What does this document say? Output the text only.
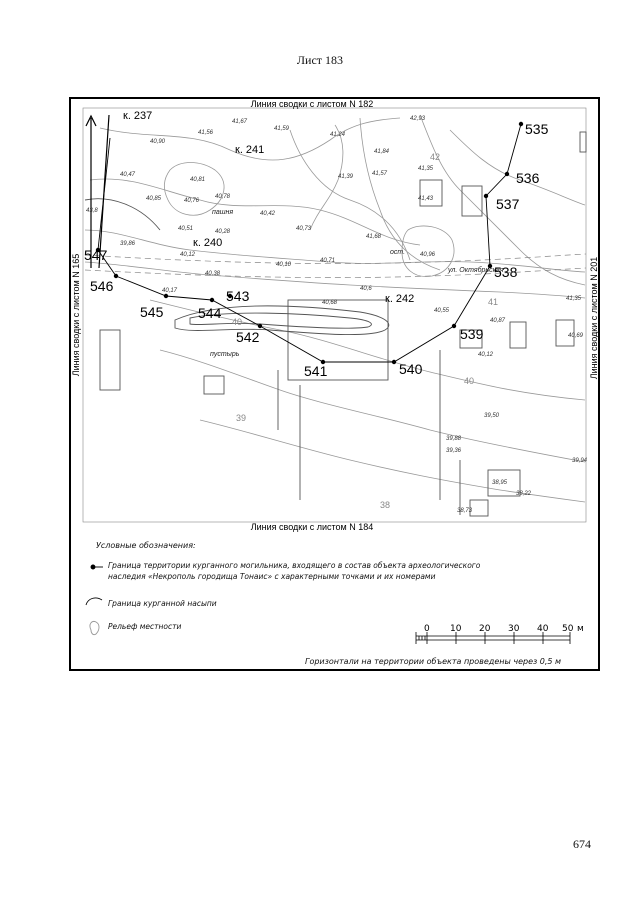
Лист 183
Линия сводки с листом N 182
Линия сводки с листом N 184
Линия сводки с листом N 165	Линия сводки с листом N 201
к. 237
к. 241
к. 240
к. 242
535
536
537
538
539
540
541
542
543
544
545
546
547
пашня
пустырь
ост.
ул. Октябрьская
41,67
41,56
41,59
41,24
40,90
40,47
40,85
40,81
40,76
40,78
40,51
40,42
40,28	40,73
40,12
40,38
40,17
40,10
40,71
40,68
40,6
41,84
41,39	41,57
41,35
41,43
41,68
42,93
40,96
39,86
40,55
40,87
40,69
41,35
40,12
39,50
39,88
38,95
38,22
38,73
39,94
39,36
43,8
39
40
41
42
40
38
0 10 20 30 40 50 м
Условные обозначения:
Граница территории курганного могильника, входящего в состав объекта археологического
наследия «Некрополь городища Тонаис» с характерными точками и их номерами
Граница курганной насыпи
Рельеф местности
Горизонтали на территории объекта проведены через 0,5 м
674
